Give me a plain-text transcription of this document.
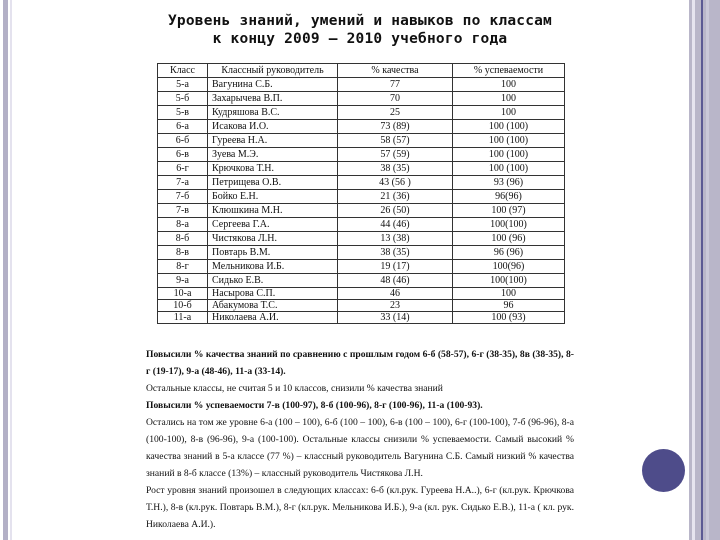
Уровень знаний, умений и навыков по классам
к концу 2009 – 2010 учебного года
Класс	Классный руководитель	% качества	% успеваемости
5-а	Вагунина С.Б.	77	100
5-б	Захарычева В.П.	70	100
5-в	Кудряшова В.С.	25	100
6-а	Исакова И.О.	73 (89)	100 (100)
6-б	Гуреева Н.А.	58 (57)	100 (100)
6-в	Зуева М.Э.	57 (59)	100 (100)
6-г	Крючкова Т.Н.	38 (35)	100 (100)
7-а	Петрищева О.В.	43 (56 )	93 (96)
7-б	Бойко Е.Н.	21 (36)	96(96)
7-в	Клюшкина М.Н.	26 (50)	100 (97)
8-а	Сергеева Г.А.	44 (46)	100(100)
8-б	Чистякова Л.Н.	13 (38)	100 (96)
8-в	Повтарь В.М.	38 (35)	96 (96)
8-г	Мельникова И.Б.	19 (17)	100(96)
9-а	Сидько Е.В.	48 (46)	100(100)
10-а	Насырова С.П.	46	100
10-б	Абакумова Т.С.	23	96
11-а	Николаева А.И.	33 (14)	100 (93)

Повысили % качества знаний по сравнению с прошлым годом 6-б (58-57), 6-г (38-35), 8в (38-35), 8-г (19-17), 9-а (48-46), 11-а (33-14).

Остальные классы, не считая 5 и 10 классов, снизили % качества знаний

Повысили % успеваемости 7-в (100-97), 8-б (100-96), 8-г (100-96), 11-а (100-93).

Остались на том же уровне 6-а (100 – 100), 6-б (100 – 100), 6-в (100 – 100), 6-г (100-100), 7-б (96-96), 8-а (100-100), 8-в (96-96), 9-а (100-100). Остальные классы снизили % успеваемости. Самый высокий % качества знаний в 5-а классе (77 %) – классный руководитель Вагунина С.Б. Самый низкий % качества знаний в 8-б классе (13%) – классный руководитель Чистякова Л.Н.

Рост уровня знаний произошел в следующих классах: 6-б (кл.рук. Гуреева Н.А..), 6-г (кл.рук. Крючкова Т.Н.), 8-в (кл.рук. Повтарь В.М.), 8-г (кл.рук. Мельникова И.Б.), 9-а (кл. рук. Сидько Е.В.), 11-а ( кл. рук. Николаева А.И.).
